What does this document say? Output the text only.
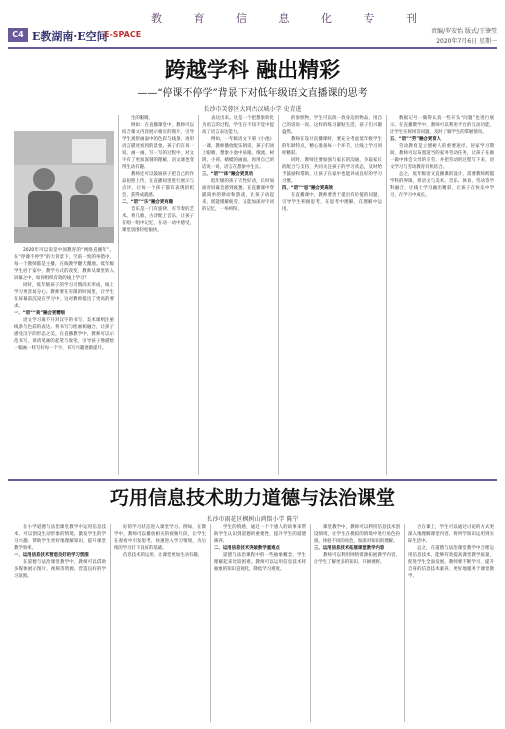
教 育 信 息 化 专 刊
C4 E教湖南·E空间
E-SPACE	责编/罗安怡 版式/王肇瑩
2020年7月6日 星期一
跨越学科 融出精彩
——“停课不停学”背景下对低年级语文直播课的思考
长沙市芙蓉区大同古汉城小学 史青进

2020年可以说是中国教育的“网络直播年”。在“停课不停学”的大背景下，空前一致的举措中，每一个教师都是主播，在线教学翻天覆地。低年级学生居于家中，教学方式的改变，教师从课堂转入屏幕之中，如何组织有效的线上学习？

同时，低年级孩子的学习习惯尚未形成，线上学习更容易分心。教师要在有限的时间里，让学生在屏幕前沉浸在学习中，这对教师提出了更高的要求。

一、“语”“美”融合更精细

语文学习离不开对汉字的书写，美术课则注重线条与色彩的表达。将书写与绘画相融合，让孩子感受汉字的形态之美。在直播教学中，教师可以示范书写，讲清笔画的起笔与收笔，引导孩子像描绘一幅画一样写好每一个字，书写兴趣逐渐提升。

生的眼睛。

例如：在直播课堂中，教师可以结合课文内容展示相应的图片，引导学生观察画面中的色彩与线条，再用语言描述看到的景象。孩子们在说一说、画一画、写一写的过程中，对文字有了更加深刻的理解，语文课也变得生动有趣。

教师还可以鼓励孩子把自己的作品拍照上传，在直播间里进行展示与点评，让每一个孩子都有表现的机会，获得成就感。

二、“语”“乐”融合更有趣

音乐是一门有旋律、有节奏的艺术。将儿歌、古诗配上音乐，让孩子在唱一唱中记忆，在动一动中感受，课堂氛围轻松愉快。

表达出来。这是一个把想象转化为语言的过程，学生在不知不觉中提高了语言表达能力。

例如，一年级语文下册《小池》一课，教师播放配乐朗读，孩子们闭上眼睛，想象小池中泉眼、细流、树阴、小荷、蜻蜓的画面，再用自己的话说一说，语言在想象中生长。

三、“语”“体”融合更灵动

低年级的孩子天性好动，长时间面对屏幕会感到疲惫。在直播课中穿插简单的律动和游戏，让孩子动起来，既能缓解疲劳，又能加深对字词的记忆，一举两得。

的参照物，学生可以找一找身边的物品，用自己的话说一说。这样的练习紧贴生活，孩子们兴趣盎然。

教师在设计直播课时，要充分考虑低年级学生的年龄特点，精心准备每一个环节，让线上学习同样精彩。

同时，教师还要加强与家长的沟通，争取家长的配合与支持，共同关注孩子的学习状态，及时给予鼓励和帮助，让孩子在家中也能养成良好的学习习惯。

四、“语”“思”融合更高效

在直播课中，教师要善于提出有价值的问题，引导学生积极思考，在思考中理解，在理解中运用。

数据记号一做得认真一些开头“问题”也进行展示。在直播教学中，教师可以利用平台的互动功能，让学生实时回答问题，及时了解学生的掌握情况。

五、“语”“劳”融合更育人

劳动教育是立德树人的重要途径。居家学习期间，教师可以布置适当的家务劳动任务，让孩子在做一做中体会父母的辛劳，并把劳动的过程写下来，语文学习与劳动教育有机结合。

总之，低年级语文直播课的设计，需要教师跨越学科的界限，将语文与美术、音乐、体育、劳动等学科融合，让线上学习融出精彩，让孩子在快乐中学习，在学习中成长。

巧用信息技术助力道德与法治课堂
长沙市雨花区枫树山鸿铭小学 陈宁

在小学道德与法治课堂教学中运用信息技术，可以创设生动形象的情境，激发学生的学习兴趣，帮助学生更好地理解知识，提升课堂教学效率。

一、运用信息技术营造良好的学习氛围

在道德与法治课堂教学中，教师可以借助多媒体展示图片、视频等资源，营造良好的学习氛围。

好的学习状态进入课堂学习。例如，在教学中，教师可以播放相关的视频片段，让学生在观看中引发思考，快速进入学习情境，为后续的学习打下良好的基础。

信息技术的运用，让课堂更加生动有趣。

学生的情感，通过一个个感人的故事来帮助学生认识到道德的重要性，提升学生的道德修养。

二、运用信息技术突破教学重难点

道德与法治课程中的一些抽象概念，学生理解起来比较困难。教师可以运用信息技术将抽象的知识直观化，降低学习难度。

课堂教学中，教师可以利用信息技术创设情境，让学生在模拟的情境中进行角色扮演，体验不同的角色，加深对知识的理解。

三、运用信息技术拓展课堂教学内容

教师可以利用网络资源拓展教学内容，让学生了解更多的知识，开阔视野。

合在课上，学生可以通过讨论的方式更深入地理解课堂内容，将所学知识运用到实际生活中。

总之，在道德与法治课堂教学中合理运用信息技术，能够有效提高课堂教学质量，促进学生全面发展。教师要不断学习，提升自身的信息技术素养，更好地服务于课堂教学。
